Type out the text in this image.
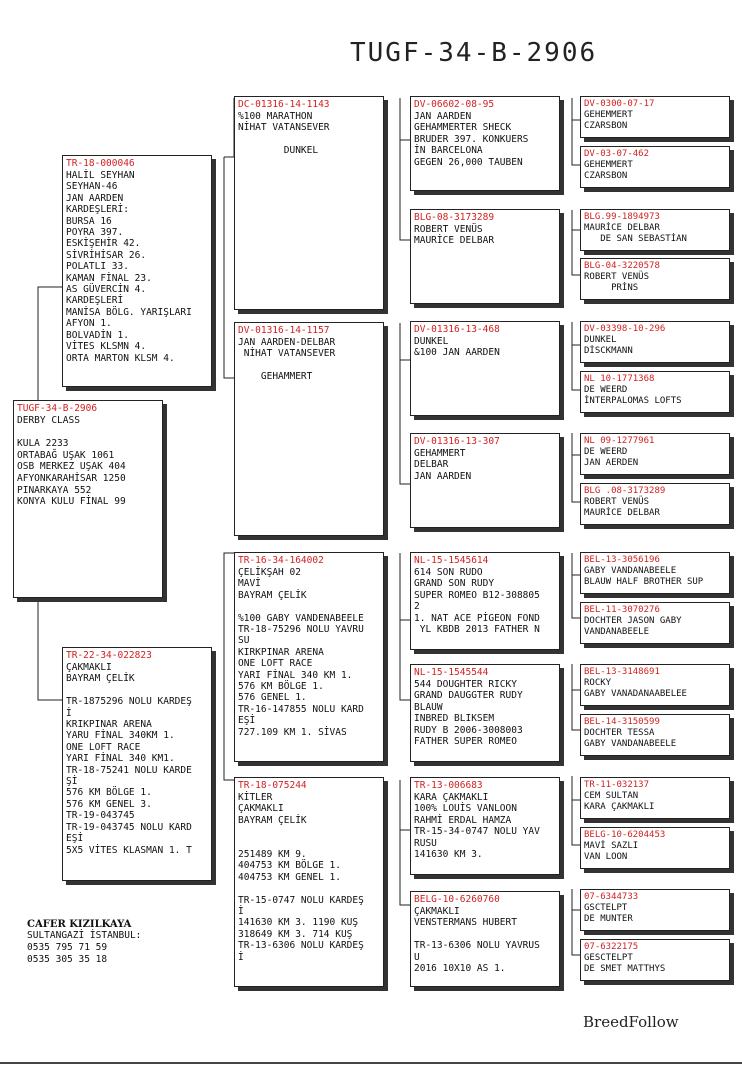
TUGF-34-B-2906
TUGF-34-B-2906
DERBY CLASS

KULA 2233
ORTABAĞ UŞAK 1061
OSB MERKEZ UŞAK 404
AFYONKARAHİSAR 1250
PINARKAYA 552
KONYA KULU FİNAL 99
TR-18-000046
HALİL SEYHAN
SEYHAN-46
JAN AARDEN
KARDEŞLERİ:
BURSA 16
POYRA 397.
ESKİŞEHİR 42.
SİVRİHİSAR 26.
POLATLI 33.
KAMAN FİNAL 23.
AS GÜVERCİN 4.
KARDEŞLERİ
MANİSA BÖLG. YARIŞLARI
AFYON 1.
BOLVADİN 1.
VİTES KLSMN 4.
ORTA MARTON KLSM 4.
TR-22-34-022823
ÇAKMAKLI
BAYRAM ÇELİK

TR-1875296 NOLU KARDEŞ
İ
KRIKPINAR ARENA
YARU FİNAL 340KM 1.
ONE LOFT RACE
YARI FİNAL 340 KM1.
TR-18-75241 NOLU KARDE
Şİ
576 KM BÖLGE 1.
576 KM GENEL 3.
TR-19-043745
TR-19-043745 NOLU KARD
EŞİ
5X5 VİTES KLASMAN 1. T
DC-01316-14-1143
%100 MARATHON
NİHAT VATANSEVER

DUNKEL
DV-01316-14-1157
JAN AARDEN-DELBAR
NİHAT VATANSEVER

GEHAMMERT
TR-16-34-164002
ÇELİKŞAH 02
MAVİ
BAYRAM ÇELİK

%100 GABY VANDENABEELE
TR-18-75296 NOLU YAVRU
SU
KIRKPINAR ARENA
ONE LOFT RACE
YARI FİNAL 340 KM 1.
576 KM BÖLGE 1.
576 GENEL 1.
TR-16-147855 NOLU KARD
EŞİ
727.109 KM 1. SİVAS
TR-18-075244
KİTLER
ÇAKMAKLI
BAYRAM ÇELİK

251489 KM 9.
404753 KM BÖLGE 1.
404753 KM GENEL 1.

TR-15-0747 NOLU KARDEŞ
İ
141630 KM 3. 1190 KUŞ
318649 KM 3. 714 KUŞ
TR-13-6306 NOLU KARDEŞ
İ
DV-06602-08-95
JAN AARDEN
GEHAMMERTER SHECK
BRUDER 397. KONKUERS
İN BARCELONA
GEGEN 26,000 TAUBEN
BLG-08-3173289
ROBERT VENÜS
MAURİCE DELBAR
DV-01316-13-468
DUNKEL
&100 JAN AARDEN
DV-01316-13-307
GEHAMMERT
DELBAR
JAN AARDEN
NL-15-1545614
614 SON RUDO
GRAND SON RUDY
SUPER ROMEO B12-308805
2
1. NAT ACE PİGEON FOND
YL KBDB 2013 FATHER N
NL-15-1545544
544 DOUGHTER RICKY
GRAND DAUGGTER RUDY
BLAUW
INBRED BLIKSEM
RUDY B 2006-3008003
FATHER SUPER ROMEO
TR-13-006683
KARA ÇAKMAKLI
100% LOUİS VANLOON
RAHMİ ERDAL HAMZA
TR-15-34-0747 NOLU YAV
RUSU
141630 KM 3.
BELG-10-6260760
ÇAKMAKLI
VENSTERMANS HUBERT

TR-13-6306 NOLU YAVRUS
U
2016 10X10 AS 1.
DV-0300-07-17
GEHEMMERT
CZARSBON
DV-03-07-462
GEHEMMERT
CZARSBON
BLG.99-1894973
MAURİCE DELBAR
DE SAN SEBASTİAN
BLG-04-3220578
ROBERT VENÜS
PRİNS
DV-03398-10-296
DUNKEL
DİSCKMANN
NL 10-1771368
DE WEERD
İNTERPALOMAS LOFTS
NL 09-1277961
DE WEERD
JAN AERDEN
BLG .08-3173289
ROBERT VENÜS
MAURİCE DELBAR
BEL-13-3056196
GABY VANDANABEELE
BLAUW HALF BROTHER SUP
BEL-11-3070276
DOCHTER JASON GABY
VANDANABEELE
BEL-13-3148691
ROCKY
GABY VANADANAABELEE
BEL-14-3150599
DOCHTER TESSA
GABY VANDANABEELE
TR-11-032137
CEM SULTAN
KARA ÇAKMAKLI
BELG-10-6204453
MAVİ SAZLI
VAN LOON
07-6344733
GSCTELPT
DE MUNTER
07-6322175
GESCTELPT
DE SMET MATTHYS
CAFER KIZILKAYA
SULTANGAZİ İSTANBUL:
0535 795 71 59
0535 305 35 18
BreedFollow
